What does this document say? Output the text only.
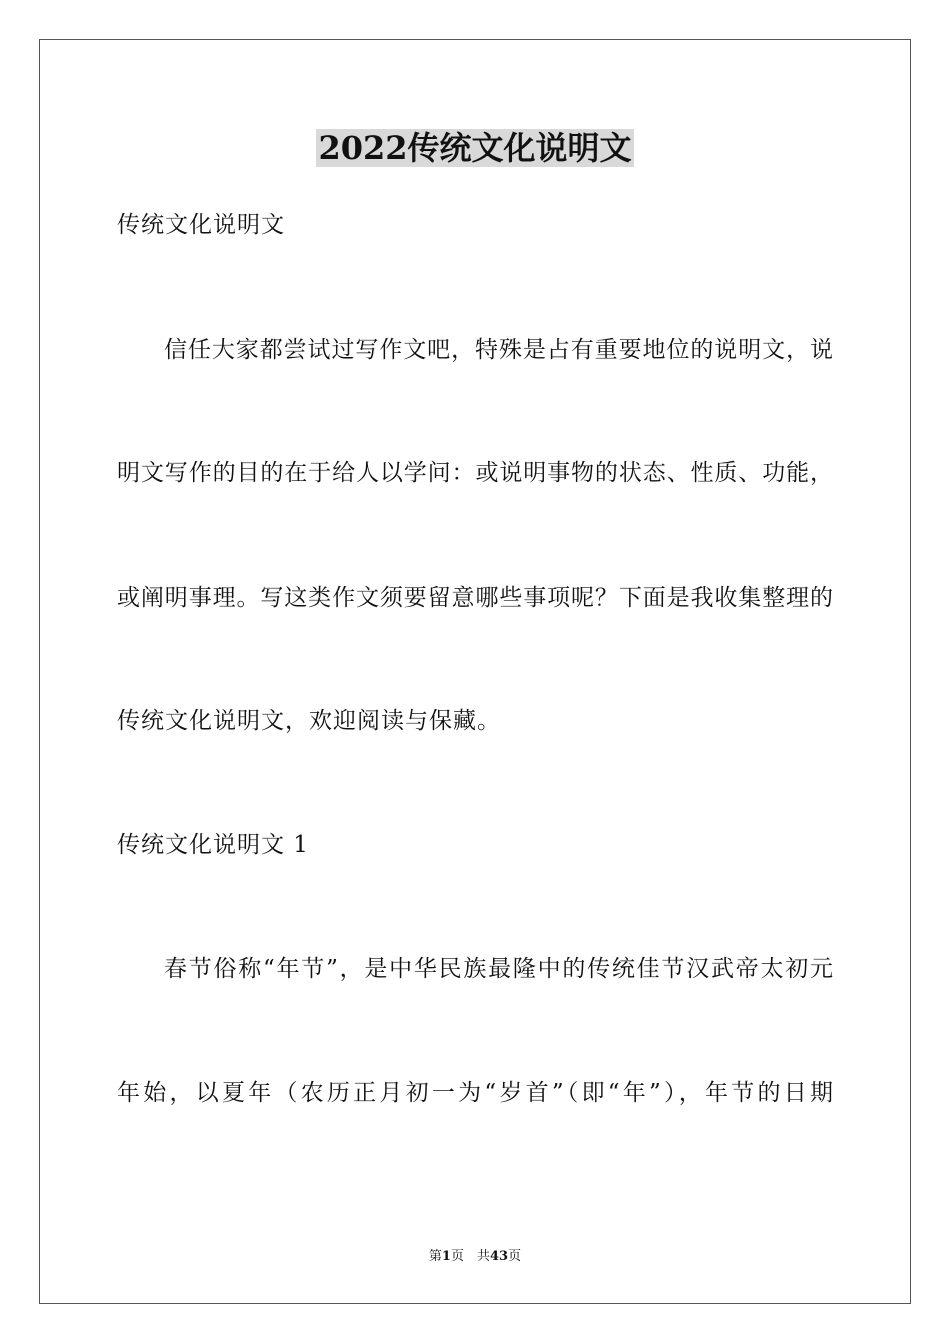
2022传统文化说明文
传统文化说明文
信任大家都尝试过写作文吧，特殊是占有重要地位的说明文，说
明文写作的目的在于给人以学问：或说明事物的状态、性质、功能，
或阐明事理。写这类作文须要留意哪些事项呢？下面是我收集整理的
传统文化说明文，欢迎阅读与保藏。
传统文化说明文 1
春节俗称“年节”，是中华民族最隆中的传统佳节汉武帝太初元
年始，以夏年（农历正月初一为“岁首”（即“年”），年节的日期
第1页　共43页
